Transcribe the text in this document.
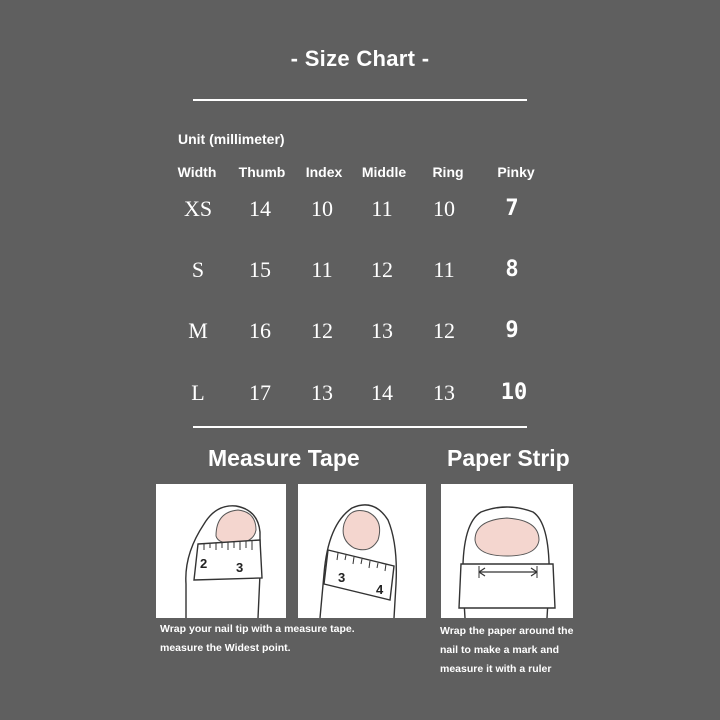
- Size Chart -
Unit (millimeter)
Width	Thumb	Index	Middle	Ring	Pinky
XS	14	10	11	10	7
S	15	11	12	11	8
M	16	12	13	12	9
L	17	13	14	13	10
Measure Tape	Paper Strip
2 3
3
4
Wrap your nail tip with a measure tape.
measure the Widest point.
Wrap the paper around the
nail to make a mark and
measure it with a ruler
